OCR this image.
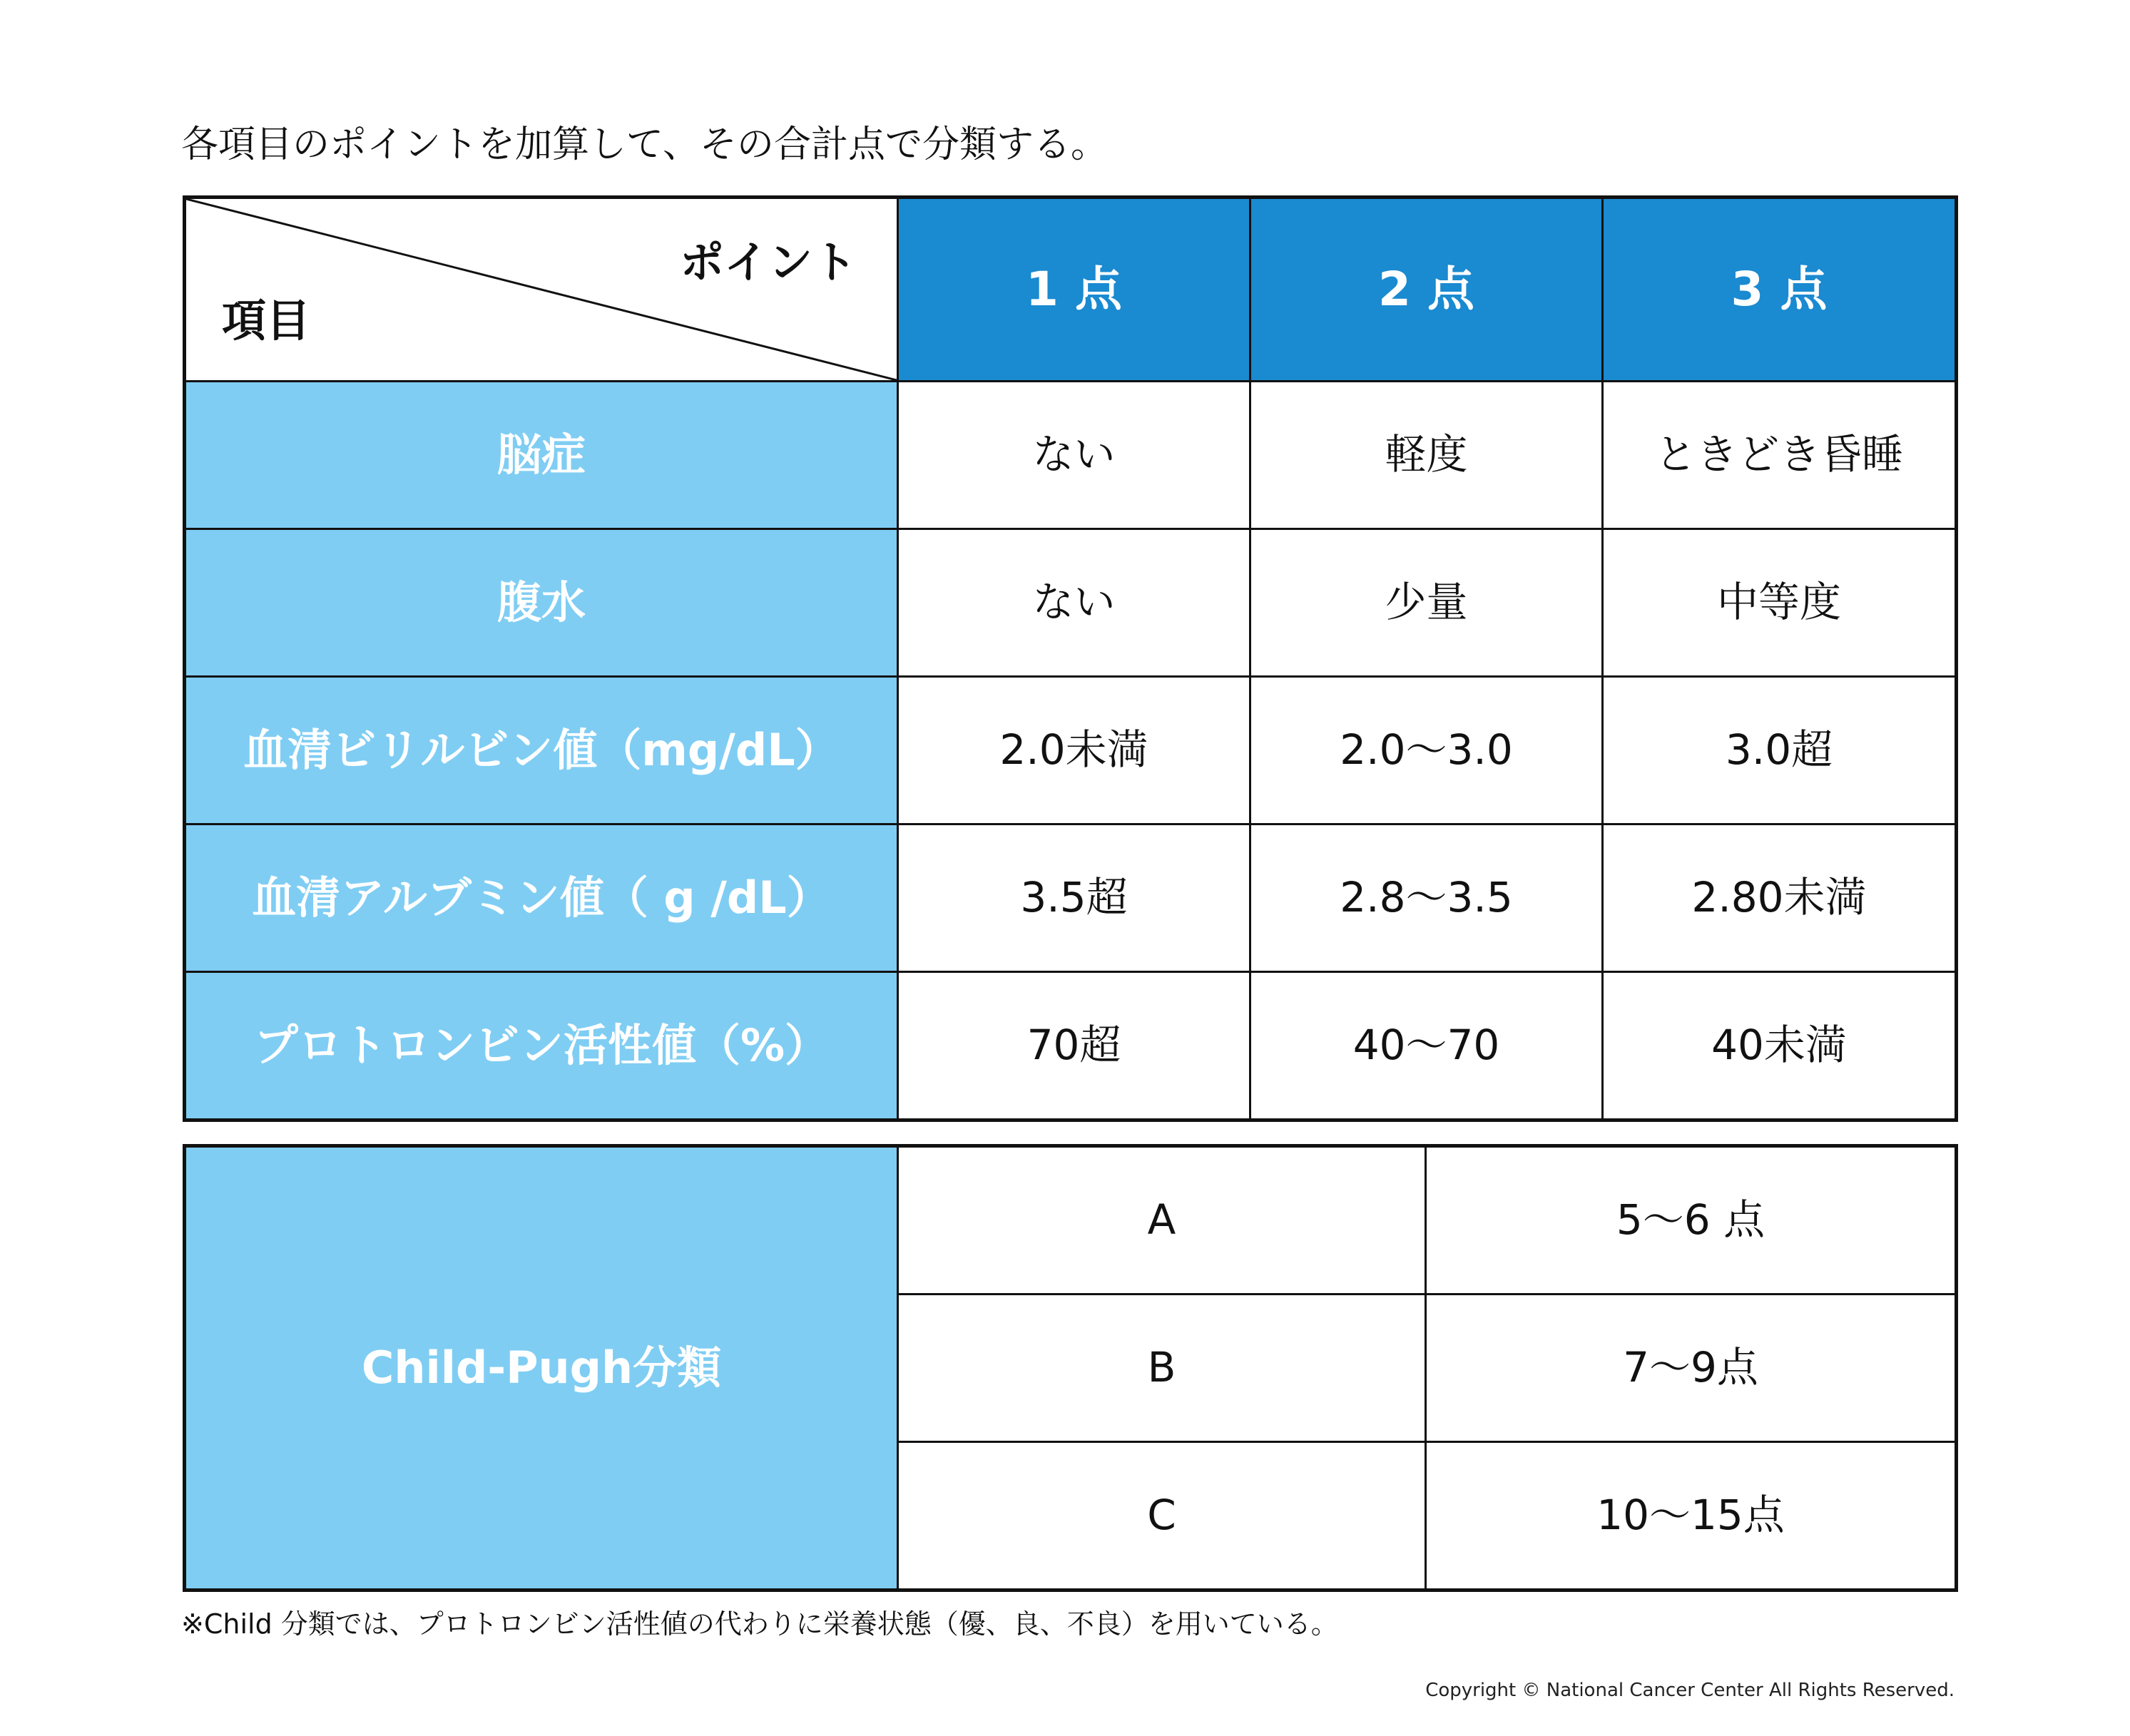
各項目のポイントを加算して、その合計点で分類する。
ポイント
項目	1 点	2 点	3 点
脳症	ない	軽度	ときどき昏睡
腹水	ない	少量	中等度
血清ビリルビン値（mg/dL）	2.0未満	2.0〜3.0	3.0超
血清アルブミン値（ g /dL）	3.5超	2.8〜3.5	2.80未満
プロトロンビン活性値（%）	70超	40〜70	40未満
Child-Pugh分類	A	5〜6 点
	B	7〜9点
	C	10〜15点
※Child 分類では、プロトロンビン活性値の代わりに栄養状態（優、良、不良）を用いている。
Copyright © National Cancer Center All Rights Reserved.
